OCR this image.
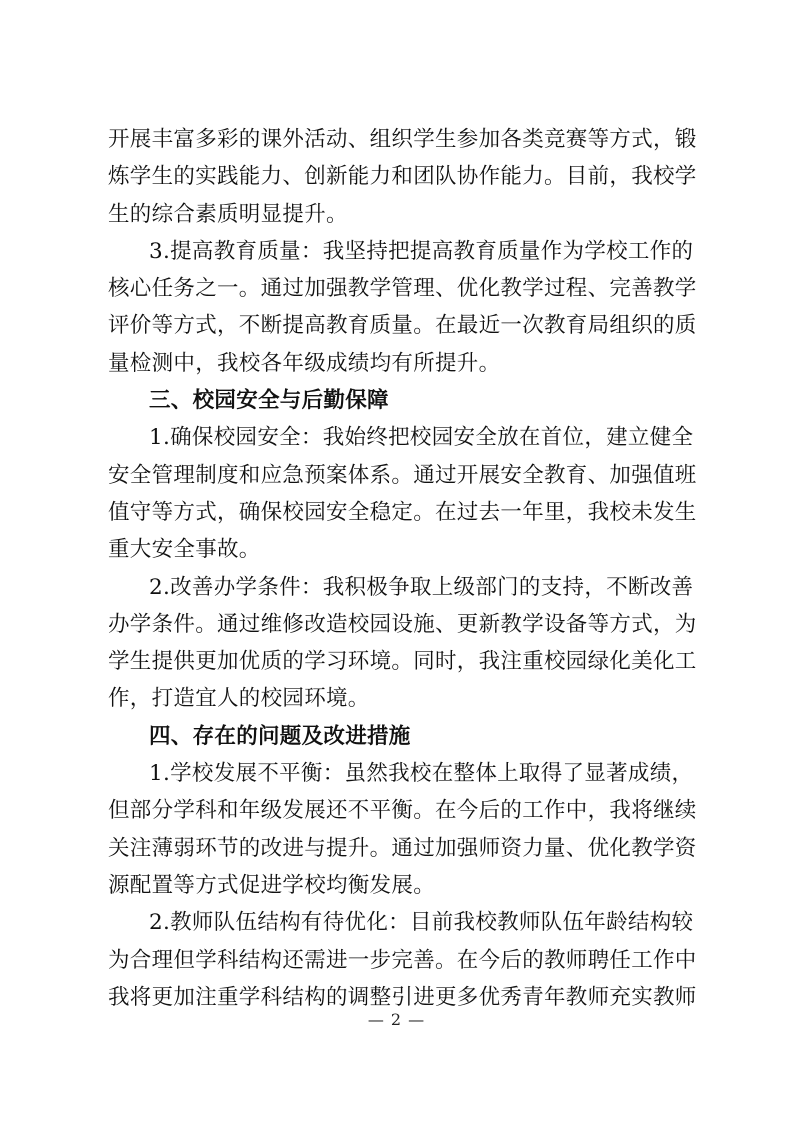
开展丰富多彩的课外活动、组织学生参加各类竞赛等方式，锻
炼学生的实践能力、创新能力和团队协作能力。目前，我校学
生的综合素质明显提升。
3.提高教育质量：我坚持把提高教育质量作为学校工作的
核心任务之一。通过加强教学管理、优化教学过程、完善教学
评价等方式，不断提高教育质量。在最近一次教育局组织的质
量检测中，我校各年级成绩均有所提升。
三、校园安全与后勤保障
1.确保校园安全：我始终把校园安全放在首位，建立健全
安全管理制度和应急预案体系。通过开展安全教育、加强值班
值守等方式，确保校园安全稳定。在过去一年里，我校未发生
重大安全事故。
2.改善办学条件：我积极争取上级部门的支持，不断改善
办学条件。通过维修改造校园设施、更新教学设备等方式，为
学生提供更加优质的学习环境。同时，我注重校园绿化美化工
作，打造宜人的校园环境。
四、存在的问题及改进措施
1.学校发展不平衡：虽然我校在整体上取得了显著成绩，
但部分学科和年级发展还不平衡。在今后的工作中，我将继续
关注薄弱环节的改进与提升。通过加强师资力量、优化教学资
源配置等方式促进学校均衡发展。
2.教师队伍结构有待优化：目前我校教师队伍年龄结构较
为合理但学科结构还需进一步完善。在今后的教师聘任工作中
我将更加注重学科结构的调整引进更多优秀青年教师充实教师
— 2 —
